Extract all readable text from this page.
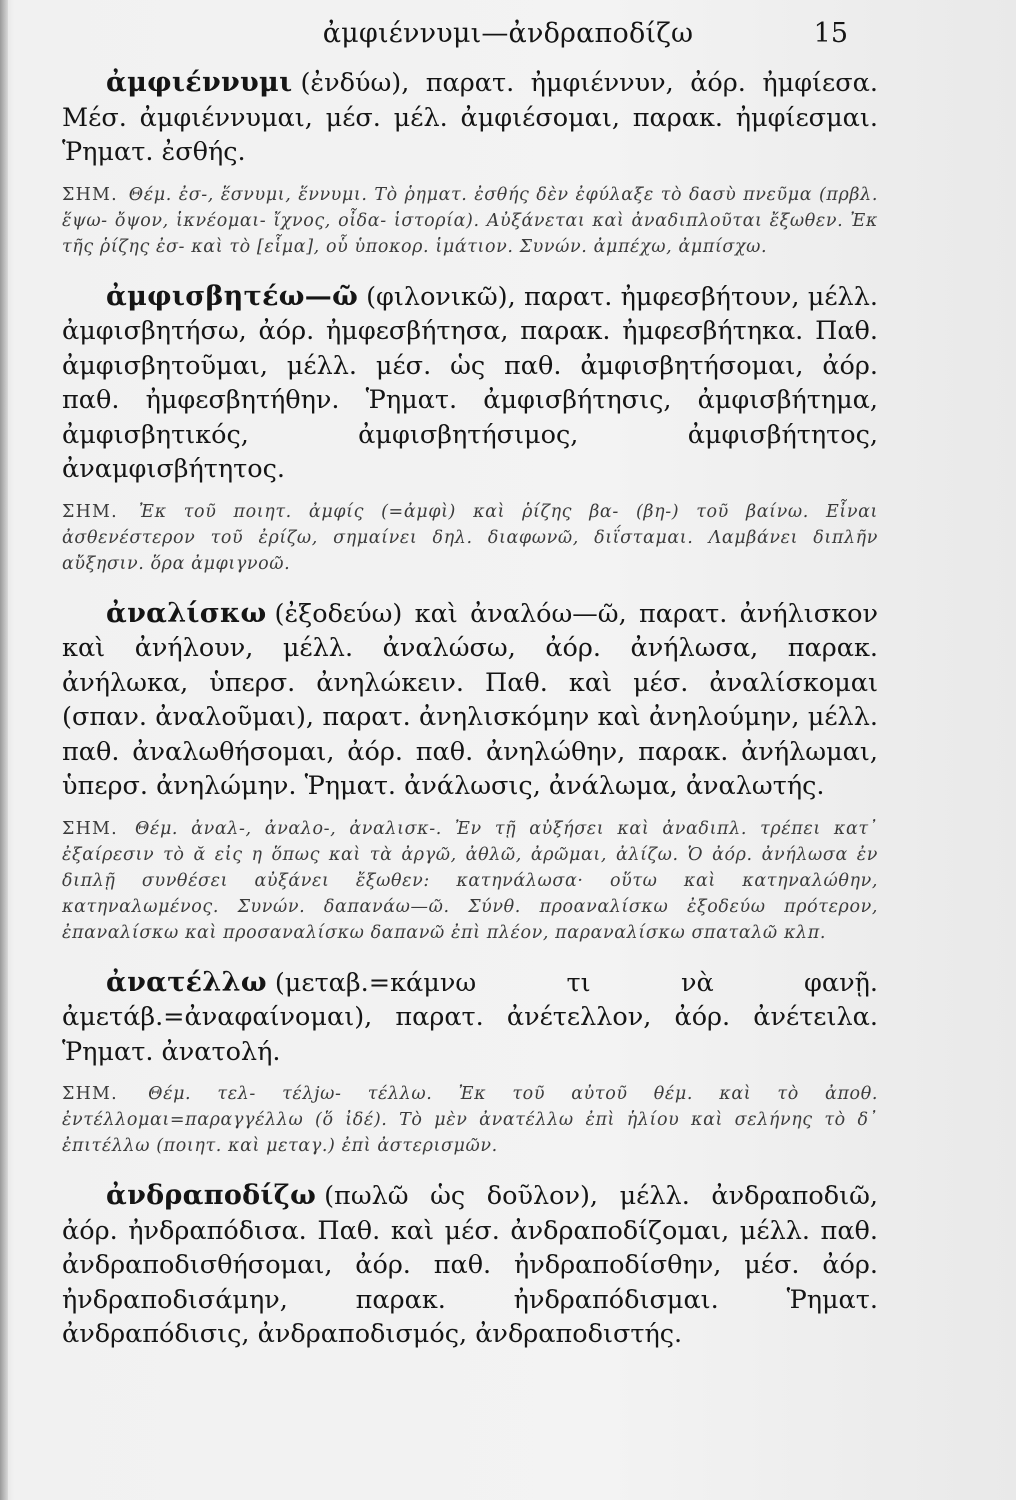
ἀμφιέννυμι—ἀνδραποδίζω	15
ἀμφιέννυμι (ἐνδύω), παρατ. ἠμφιέννυν, ἀόρ. ἠμφίεσα. Μέσ. ἀμφιέννυμαι, μέσ. μέλ. ἀμφιέσομαι, παρακ. ἠμφίεσμαι. Ῥηματ. ἐσθής.
ΣΗΜ. Θέμ. ἐσ-, ἕσνυμι, ἕννυμι. Τὸ ῥηματ. ἐσθής δὲν ἐφύλαξε τὸ δασὺ πνεῦμα (πρβλ. ἕψω- ὄψον, ἱκνέομαι- ἴχνος, οἶδα- ἱστορία). Αὐξάνεται καὶ ἀναδιπλοῦται ἔξωθεν. Ἐκ τῆς ῥίζης ἐσ- καὶ τὸ [εἷμα], οὗ ὑποκορ. ἱμάτιον. Συνών. ἀμπέχω, ἀμπίσχω.
ἀμφισβητέω—ῶ (φιλονικῶ), παρατ. ἠμφεσβήτουν, μέλλ. ἀμφισβητήσω, ἀόρ. ἠμφεσβήτησα, παρακ. ἠμφεσβήτηκα. Παθ. ἀμφισβητοῦμαι, μέλλ. μέσ. ὡς παθ. ἀμφισβητήσομαι, ἀόρ. παθ. ἠμφεσβητήθην. Ῥηματ. ἀμφισβήτησις, ἀμφισβήτημα, ἀμφισβητικός, ἀμφισβητήσιμος, ἀμφισβήτητος, ἀναμφισβήτητος.
ΣΗΜ. Ἐκ τοῦ ποιητ. ἀμφίς (=ἀμφὶ) καὶ ῥίζης βα- (βη-) τοῦ βαίνω. Εἶναι ἀσθενέστερον τοῦ ἐρίζω, σημαίνει δηλ. διαφωνῶ, διΐσταμαι. Λαμβάνει διπλῆν αὔξησιν. ὅρα ἀμφιγνοῶ.
ἀναλίσκω (ἐξοδεύω) καὶ ἀναλόω—ῶ, παρατ. ἀνήλισκον καὶ ἀνήλουν, μέλλ. ἀναλώσω, ἀόρ. ἀνήλωσα, παρακ. ἀνήλωκα, ὑπερσ. ἀνηλώκειν. Παθ. καὶ μέσ. ἀναλίσκομαι (σπαν. ἀναλοῦμαι), παρατ. ἀνηλισκόμην καὶ ἀνηλούμην, μέλλ. παθ. ἀναλωθήσομαι, ἀόρ. παθ. ἀνηλώθην, παρακ. ἀνήλωμαι, ὑπερσ. ἀνηλώμην. Ῥηματ. ἀνάλωσις, ἀνάλωμα, ἀναλωτής.
ΣΗΜ. Θέμ. ἀναλ-, ἀναλο-, ἀναλισκ-. Ἐν τῇ αὐξήσει καὶ ἀναδιπλ. τρέπει κατ᾿ ἐξαίρεσιν τὸ ᾰ εἰς η ὅπως καὶ τὰ ἀργῶ, ἀθλῶ, ἀρῶμαι, ἀλίζω. Ὁ ἀόρ. ἀνήλωσα ἐν διπλῇ συνθέσει αὐξάνει ἔξωθεν: κατηνάλωσα· οὕτω καὶ κατηναλώθην, κατηναλωμένος. Συνών. δαπανάω—ῶ. Σύνθ. προαναλίσκω ἐξοδεύω πρότερον, ἐπαναλίσκω καὶ προσαναλίσκω δαπανῶ ἐπὶ πλέον, παραναλίσκω σπαταλῶ κλπ.
ἀνατέλλω (μεταβ.=κάμνω τι νὰ φανῇ. ἀμετάβ.=ἀναφαίνομαι), παρατ. ἀνέτελλον, ἀόρ. ἀνέτειλα. Ῥηματ. ἀνατολή.
ΣΗΜ. Θέμ. τελ- τέλjω- τέλλω. Ἐκ τοῦ αὐτοῦ θέμ. καὶ τὸ ἀποθ. ἐντέλλομαι=παραγγέλλω (ὅ ἰδέ). Τὸ μὲν ἀνατέλλω ἐπὶ ἡλίου καὶ σελήνης τὸ δ᾿ ἐπιτέλλω (ποιητ. καὶ μεταγ.) ἐπὶ ἀστερισμῶν.
ἀνδραποδίζω (πωλῶ ὡς δοῦλον), μέλλ. ἀνδραποδιῶ, ἀόρ. ἠνδραπόδισα. Παθ. καὶ μέσ. ἀνδραποδίζομαι, μέλλ. παθ. ἀνδραποδισθήσομαι, ἀόρ. παθ. ἠνδραποδίσθην, μέσ. ἀόρ. ἠνδραποδισάμην, παρακ. ἠνδραπόδισμαι. Ῥηματ. ἀνδραπόδισις, ἀνδραποδισμός, ἀνδραποδιστής.
